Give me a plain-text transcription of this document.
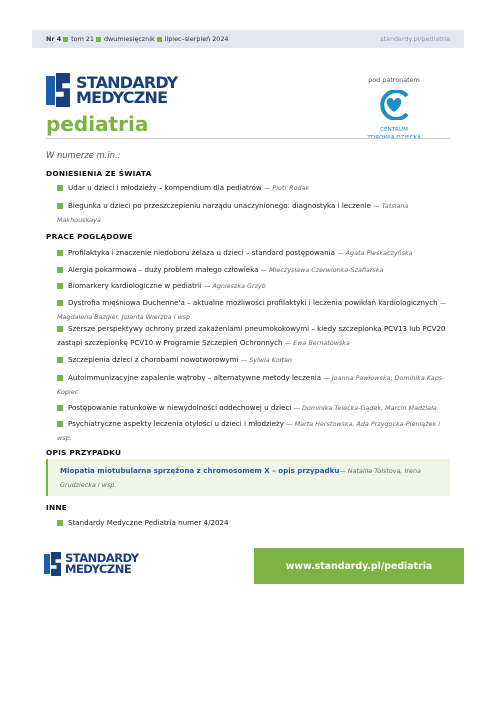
Nr 4 tom 21 dwumiesięcznik lipiec–sierpień 2024	standardy.pl/pediatria
STANDARDY
MEDYCZNE
pediatria
pod patronatem
CENTRUM
W numerze m.in.:
DONIESIENIA ZE ŚWIATA
Udar u dzieci i młodzieży – kompendium dla pediatrów — Piotr Rodak
Biegunka u dzieci po przeszczepieniu narządu unaczynionego: diagnostyka i leczenie — Tatsiana Makhouskaya
PRACE POGLĄDOWE
Profilaktyka i znaczenie niedoboru żelaza u dzieci – standard postępowania — Agata Pleskaczyńska
Alergia pokarmowa – duży problem małego człowieka — Mieczysława Czerwionka-Szaflarska
Biomarkery kardiologiczne w pediatrii — Agnieszka Grzyb
Dystrofia mięśniowa Duchenne'a – aktualne możliwości profilaktyki i leczenia powikłań kardiologicznych — Magdalena Bazgier, Jolanta Wierzba i wsp.
Szersze perspektywy ochrony przed zakażeniami pneumokokowymi – kiedy szczepionka PCV13 lub PCV20 zastąpi szczepionkę PCV10 w Programie Szczepień Ochronnych — Ewa Bernatowska
Szczepienia dzieci z chorobami nowotworowymi — Sylwia Kołtan
Autoimmunizacyjne zapalenie wątroby – alternatywne metody leczenia — Joanna Pawłowska, Dominika Kaps-Kopiec
Postępowanie ratunkowe w niewydolności oddechowej u dzieci — Dominika Telecka-Gądek, Marcin Madziała
Psychiatryczne aspekty leczenia otyłości u dzieci i młodzieży — Marta Herstowska, Ada Przygocka-Pieniążek i wsp.
OPIS PRZYPADKU
Miopatia miotubularna sprzężona z chromosomem X – opis przypadku— Natallia Tolstova, Irena Grudziecka i wsp.
INNE
Standardy Medyczne Pediatria numer 4/2024
STANDARDY
MEDYCZNE	www.standardy.pl/pediatria
